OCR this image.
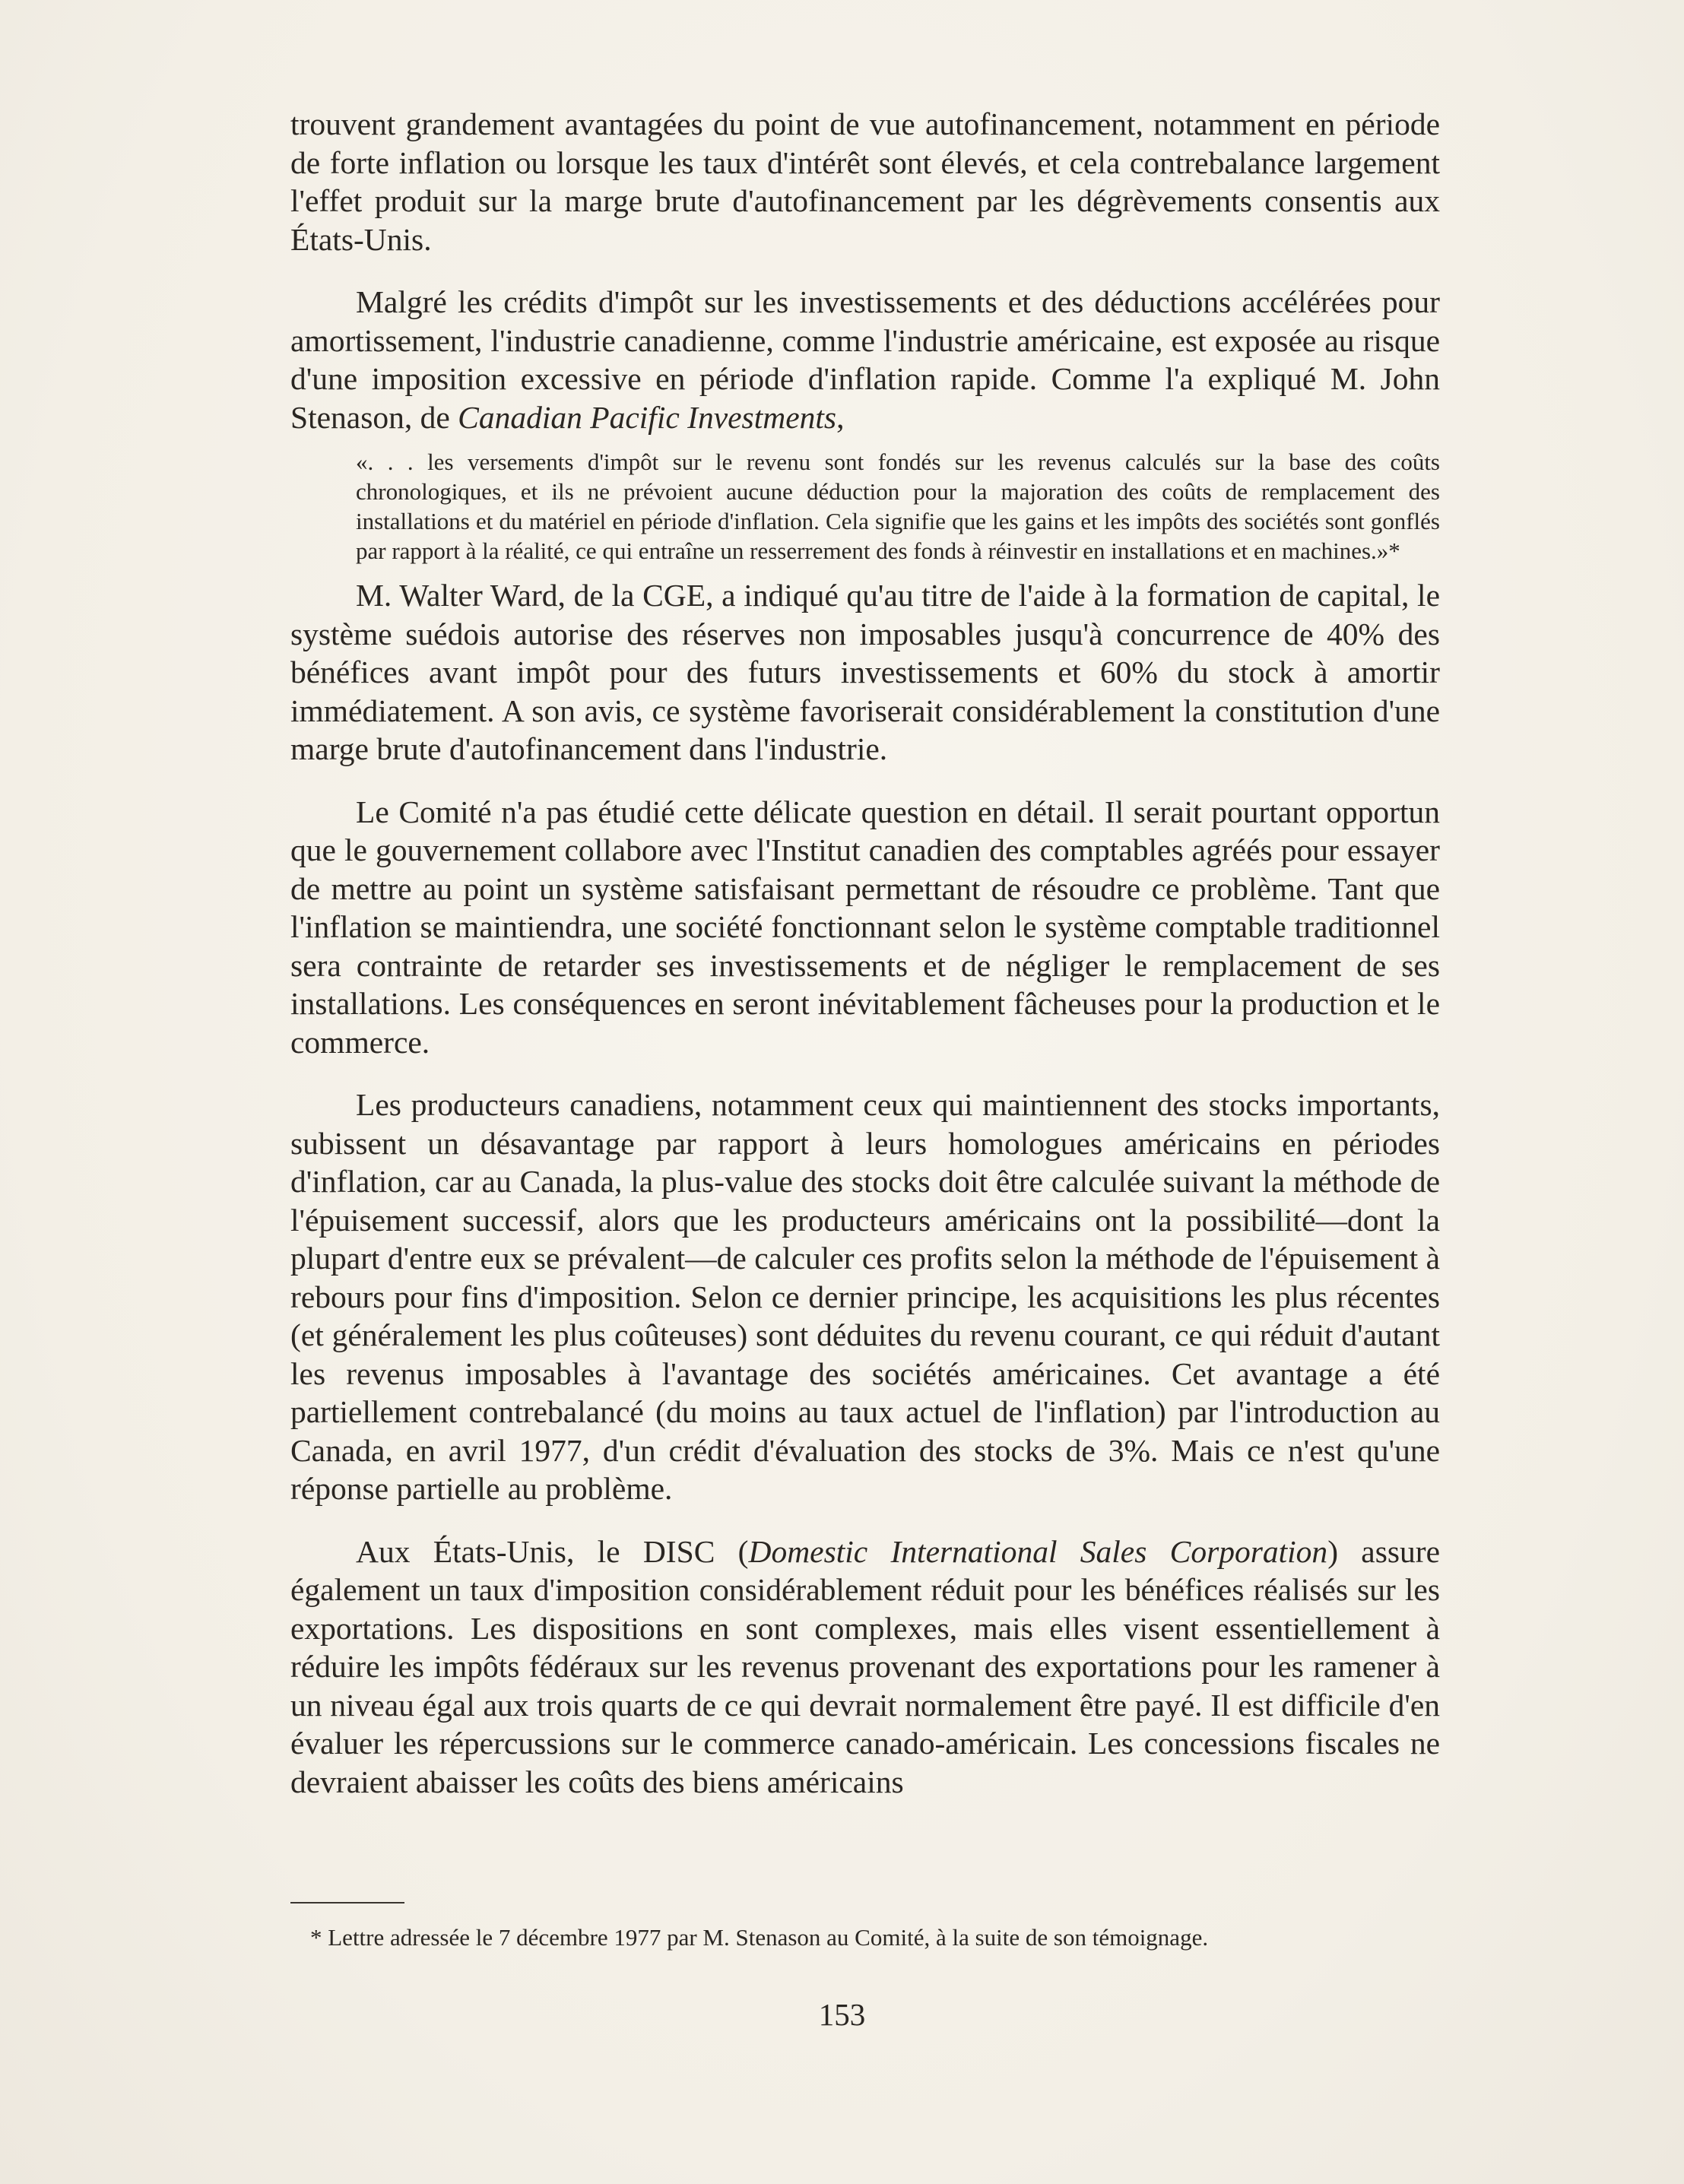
trouvent grandement avantagées du point de vue autofinancement, notamment en période de forte inflation ou lorsque les taux d'intérêt sont élevés, et cela contrebalance largement l'effet produit sur la marge brute d'autofinancement par les dégrèvements consentis aux États-Unis.

Malgré les crédits d'impôt sur les investissements et des déductions accélérées pour amortissement, l'industrie canadienne, comme l'industrie américaine, est exposée au risque d'une imposition excessive en période d'inflation rapide. Comme l'a expliqué M. John Stenason, de Canadian Pacific Investments,

«. . . les versements d'impôt sur le revenu sont fondés sur les revenus calculés sur la base des coûts chronologiques, et ils ne prévoient aucune déduction pour la majoration des coûts de remplacement des installations et du matériel en période d'inflation. Cela signifie que les gains et les impôts des sociétés sont gonflés par rapport à la réalité, ce qui entraîne un resserrement des fonds à réinvestir en installations et en machines.»*

M. Walter Ward, de la CGE, a indiqué qu'au titre de l'aide à la formation de capital, le système suédois autorise des réserves non imposables jusqu'à concurrence de 40% des bénéfices avant impôt pour des futurs investissements et 60% du stock à amortir immédiatement. A son avis, ce système favoriserait considérablement la constitution d'une marge brute d'autofinancement dans l'industrie.

Le Comité n'a pas étudié cette délicate question en détail. Il serait pourtant opportun que le gouvernement collabore avec l'Institut canadien des comptables agréés pour essayer de mettre au point un système satisfaisant permettant de résoudre ce problème. Tant que l'inflation se maintiendra, une société fonctionnant selon le système comptable traditionnel sera contrainte de retarder ses investissements et de négliger le remplacement de ses installations. Les conséquences en seront inévitablement fâcheuses pour la production et le commerce.

Les producteurs canadiens, notamment ceux qui maintiennent des stocks importants, subissent un désavantage par rapport à leurs homologues américains en périodes d'inflation, car au Canada, la plus-value des stocks doit être calculée suivant la méthode de l'épuisement successif, alors que les producteurs américains ont la possibilité—dont la plupart d'entre eux se prévalent—de calculer ces profits selon la méthode de l'épuisement à rebours pour fins d'imposition. Selon ce dernier principe, les acquisitions les plus récentes (et généralement les plus coûteuses) sont déduites du revenu courant, ce qui réduit d'autant les revenus imposables à l'avantage des sociétés américaines. Cet avantage a été partiellement contrebalancé (du moins au taux actuel de l'inflation) par l'introduction au Canada, en avril 1977, d'un crédit d'évaluation des stocks de 3%. Mais ce n'est qu'une réponse partielle au problème.

Aux États-Unis, le DISC (Domestic International Sales Corporation) assure également un taux d'imposition considérablement réduit pour les bénéfices réalisés sur les exportations. Les dispositions en sont complexes, mais elles visent essentiellement à réduire les impôts fédéraux sur les revenus provenant des exportations pour les ramener à un niveau égal aux trois quarts de ce qui devrait normalement être payé. Il est difficile d'en évaluer les répercussions sur le commerce canado-américain. Les concessions fiscales ne devraient abaisser les coûts des biens américains

* Lettre adressée le 7 décembre 1977 par M. Stenason au Comité, à la suite de son témoignage.
153
